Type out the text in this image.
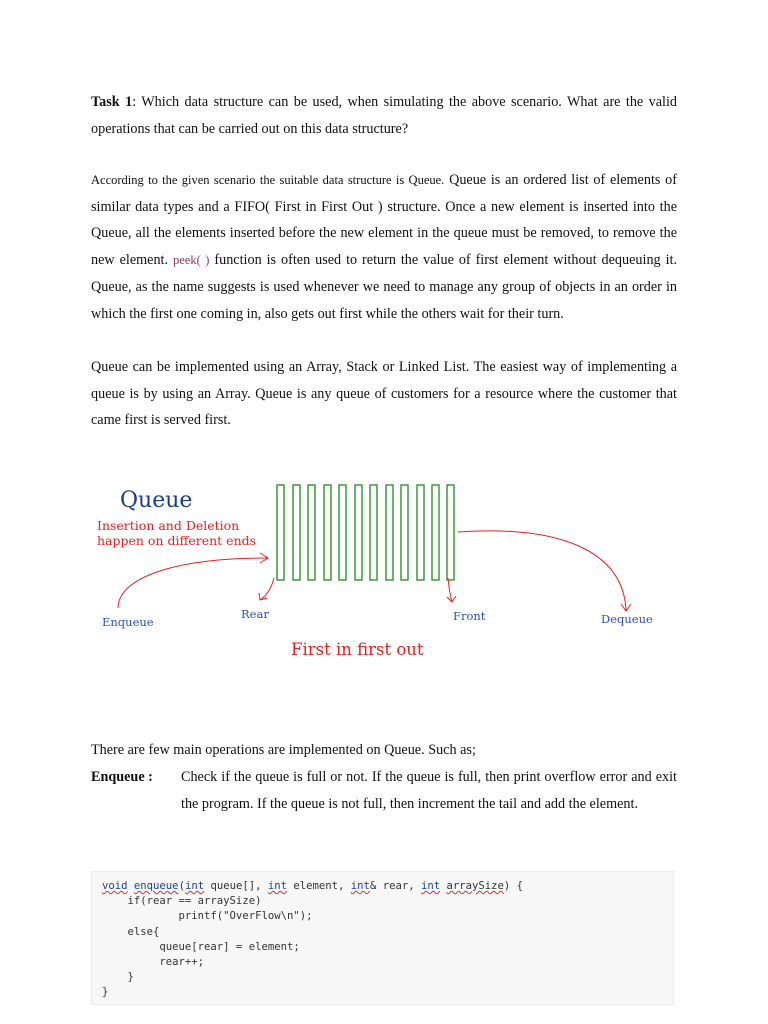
Task 1: Which data structure can be used, when simulating the above scenario. What are the valid operations that can be carried out on this data structure?

According to the given scenario the suitable data structure is Queue. Queue is an ordered list of elements of similar data types and a FIFO( First in First Out ) structure. Once a new element is inserted into the Queue, all the elements inserted before the new element in the queue must be removed, to remove the new element. peek( ) function is often used to return the value of first element without dequeuing it. Queue, as the name suggests is used whenever we need to manage any group of objects in an order in which the first one coming in, also gets out first while the others wait for their turn.

Queue can be implemented using an Array, Stack or Linked List. The easiest way of implementing a queue is by using an Array. Queue is any queue of customers for a resource where the customer that came first is served first.

Queue
Insertion and Deletion
happen on different ends
Rear	Front
Enqueue	Dequeue
First in first out

There are few main operations are implemented on Queue. Such as;

Enqueue :	Check if the queue is full or not. If the queue is full, then print overflow error and exit the program. If the queue is not full, then increment the tail and add the element.
void enqueue(int queue[], int element, int& rear, int arraySize) {
if(rear == arraySize)
printf("OverFlow\n");
else{
queue[rear] = element;
rear++;
}
}
